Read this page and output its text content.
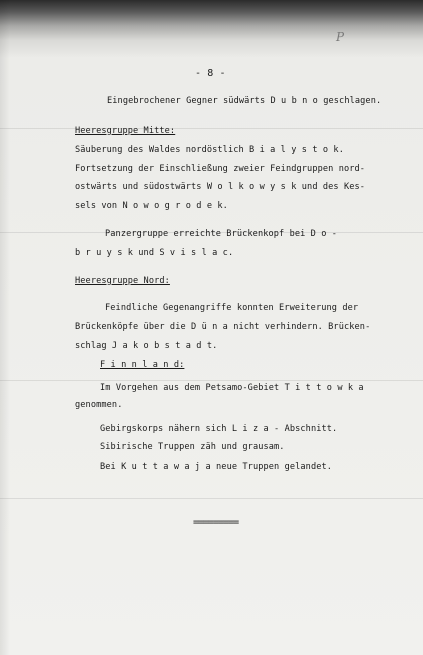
P
- 8 -
Eingebrochener Gegner südwärts D u b n o geschlagen.
Heeresgruppe Mitte:
Säuberung des Waldes nordöstlich B i a l y s t o k.
Fortsetzung der Einschließung zweier Feindgruppen nord-
ostwärts und südostwärts W o l k o w y s k und des Kes-
sels von N o w o g r o d e k.
Panzergruppe erreichte Brückenkopf bei D o -
b r u y s k und S v i s l a c.
Heeresgruppe Nord:
Feindliche Gegenangriffe konnten Erweiterung der
Brückenköpfe über die D ü n a nicht verhindern. Brücken-
schlag J a k o b s t a d t.
F i n n l a n d:
Im Vorgehen aus dem Petsamo-Gebiet T i t t o w k a
genommen.
Gebirgskorps nähern sich L i z a - Abschnitt.
Sibirische Truppen zäh und grausam.
Bei K u t t a w a j a neue Truppen gelandet.
=========
